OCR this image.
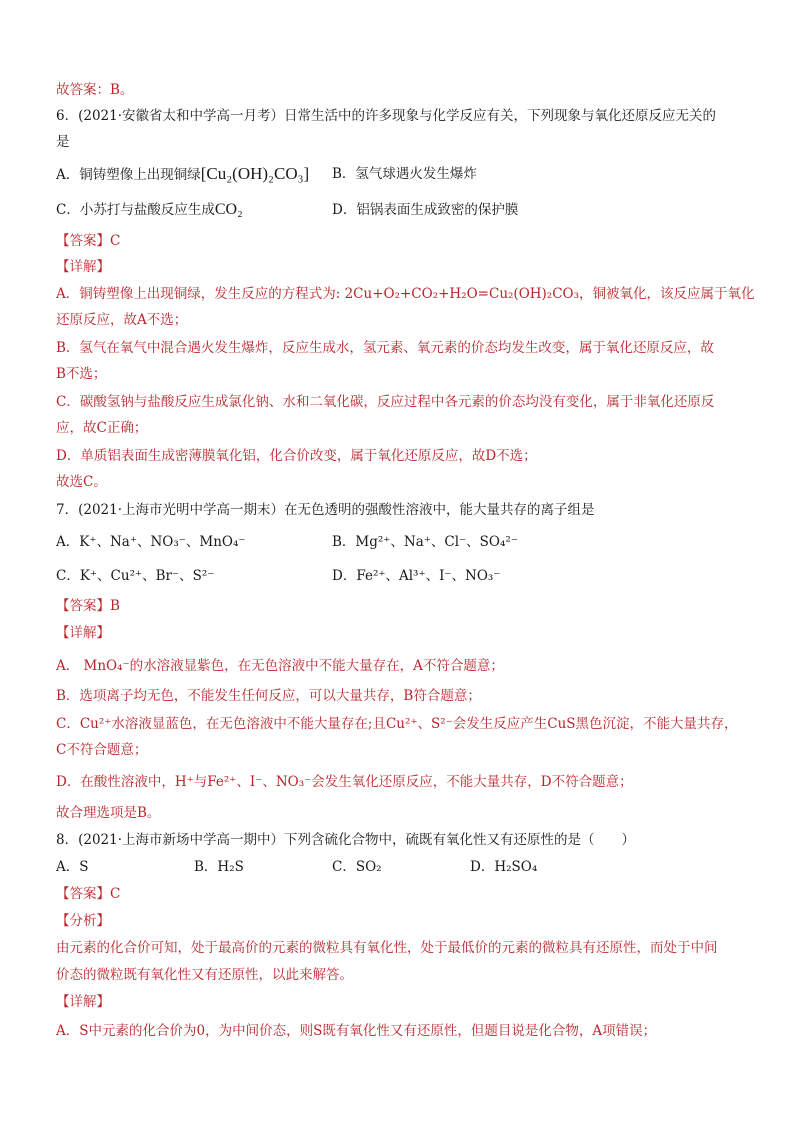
故答案：B。
6．(2021·安徽省太和中学高一月考）日常生活中的许多现象与化学反应有关，下列现象与氧化还原反应无关的
是
A．铜铸塑像上出现铜绿[Cu₂(OH)₂CO₃] B．氢气球遇火发生爆炸
C．小苏打与盐酸反应生成CO₂	D．铝锅表面生成致密的保护膜
【答案】C
【详解】
A．铜铸塑像上出现铜绿，发生反应的方程式为: 2Cu+O₂+CO₂+H₂O=Cu₂(OH)₂CO₃，铜被氧化，该反应属于氧化
还原反应，故A不选；
B．氢气在氧气中混合遇火发生爆炸，反应生成水，氢元素、氧元素的价态均发生改变，属于氧化还原反应，故
B不选；
C．碳酸氢钠与盐酸反应生成氯化钠、水和二氧化碳，反应过程中各元素的价态均没有变化，属于非氧化还原反
应，故C正确；
D．单质铝表面生成密薄膜氧化铝，化合价改变，属于氧化还原反应，故D不选；
故选C。
7．(2021·上海市光明中学高一期末）在无色透明的强酸性溶液中，能大量共存的离子组是
A．K⁺、Na⁺、NO₃⁻、MnO₄⁻	B．Mg²⁺、Na⁺、Cl⁻、SO₄²⁻
C．K⁺、Cu²⁺、Br⁻、S²⁻	D．Fe²⁺、Al³⁺、I⁻、NO₃⁻
【答案】B
【详解】
A． MnO₄⁻的水溶液显紫色，在无色溶液中不能大量存在，A不符合题意；
B．选项离子均无色，不能发生任何反应，可以大量共存，B符合题意；
C．Cu²⁺水溶液显蓝色，在无色溶液中不能大量存在;且Cu²⁺、S²⁻会发生反应产生CuS黑色沉淀，不能大量共存，
C不符合题意；
D．在酸性溶液中，H⁺与Fe²⁺、I⁻、NO₃⁻会发生氧化还原反应，不能大量共存，D不符合题意；
故合理选项是B。
8．(2021·上海市新场中学高一期中）下列含硫化合物中，硫既有氧化性又有还原性的是（　　）
A．S	B．H₂S	C．SO₂	D．H₂SO₄
【答案】C
【分析】
由元素的化合价可知，处于最高价的元素的微粒具有氧化性，处于最低价的元素的微粒具有还原性，而处于中间
价态的微粒既有氧化性又有还原性，以此来解答。
【详解】
A．S中元素的化合价为0，为中间价态，则S既有氧化性又有还原性，但题目说是化合物，A项错误；
